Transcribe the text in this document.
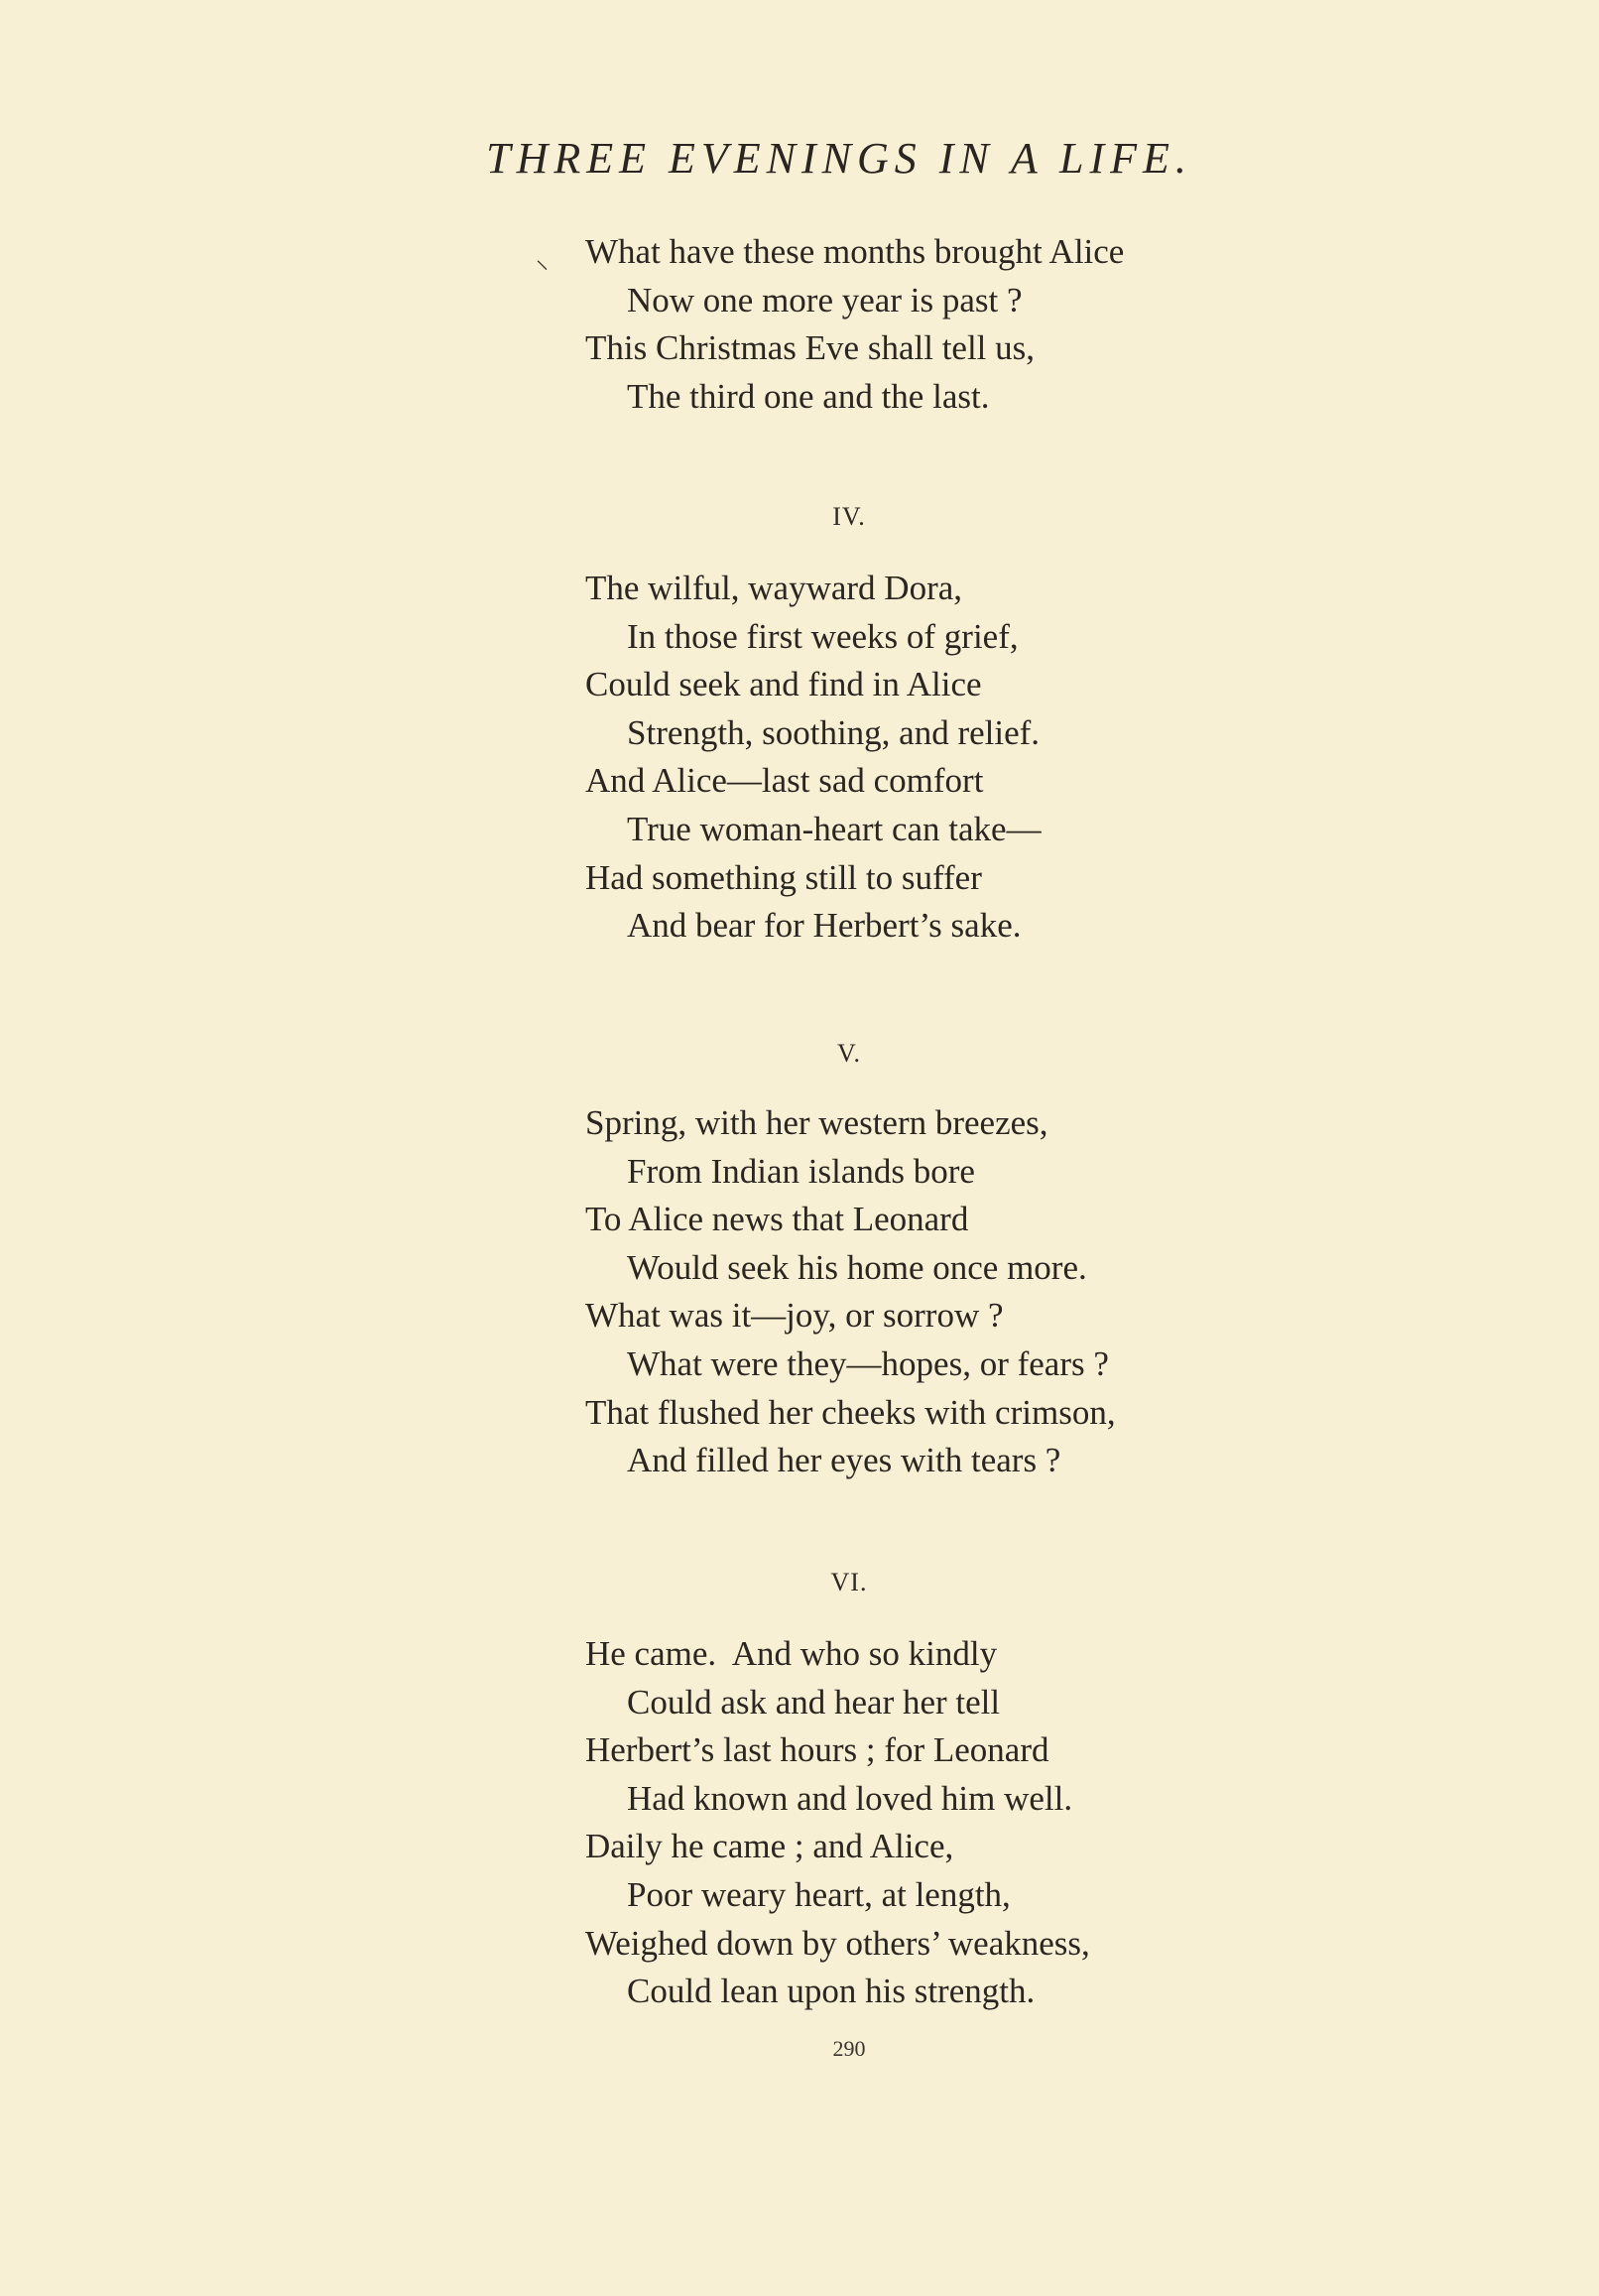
THREE EVENINGS IN A LIFE.
⸜ What have these months brought Alice
Now one more year is past ?
This Christmas Eve shall tell us,
The third one and the last.
IV.
The wilful, wayward Dora,
In those first weeks of grief,
Could seek and find in Alice
Strength, soothing, and relief.
And Alice—last sad comfort
True woman-heart can take—
Had something still to suffer
And bear for Herbert’s sake.
V.
Spring, with her western breezes,
From Indian islands bore
To Alice news that Leonard
Would seek his home once more.
What was it—joy, or sorrow ?
What were they—hopes, or fears ?
That flushed her cheeks with crimson,
And filled her eyes with tears ?
VI.
He came.  And who so kindly
Could ask and hear her tell
Herbert’s last hours ; for Leonard
Had known and loved him well.
Daily he came ; and Alice,
Poor weary heart, at length,
Weighed down by others’ weakness,
Could lean upon his strength.
290
